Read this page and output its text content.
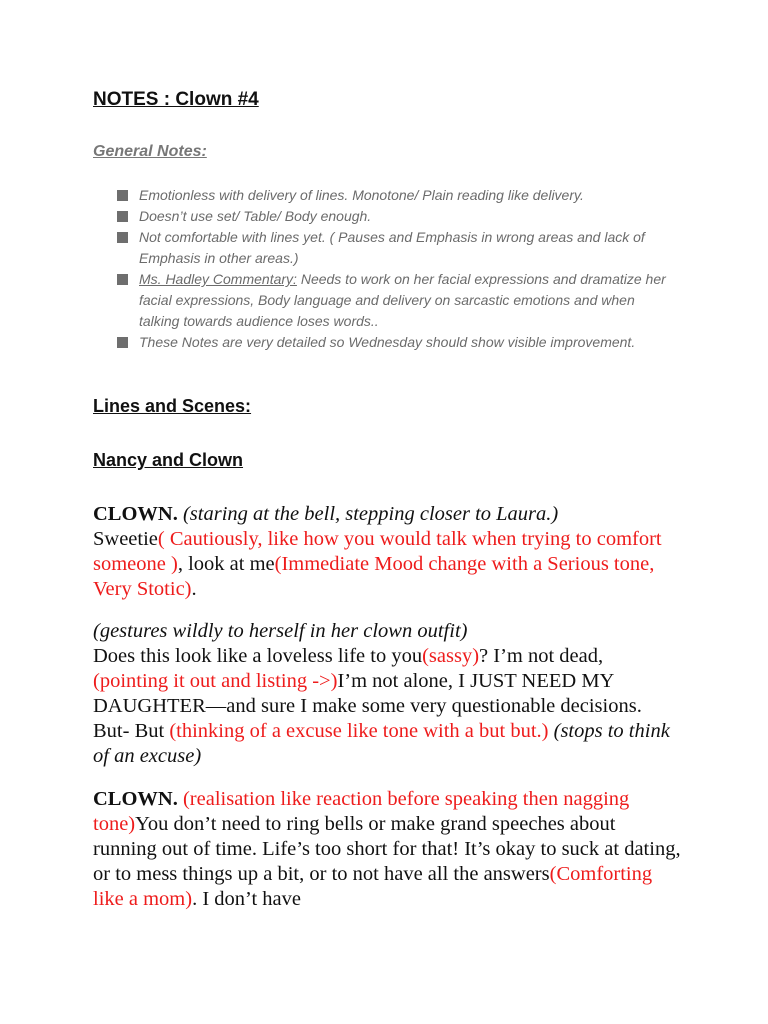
NOTES : Clown #4
General Notes:
Emotionless with delivery of lines. Monotone/ Plain reading like delivery.
Doesn’t use set/ Table/ Body enough.
Not comfortable with lines yet. ( Pauses and Emphasis in wrong areas and lack of Emphasis in other areas.)
Ms. Hadley Commentary: Needs to work on her facial expressions and dramatize her facial expressions, Body language and delivery on sarcastic emotions and when talking towards audience loses words..
These Notes are very detailed so Wednesday should show visible improvement.
Lines and Scenes:
Nancy and Clown

CLOWN. (staring at the bell, stepping closer to Laura.)
Sweetie( Cautiously, like how you would talk when trying to comfort someone ), look at me(Immediate Mood change with a Serious tone, Very Stotic).

(gestures wildly to herself in her clown outfit)
Does this look like a loveless life to you(sassy)? I’m not dead, (pointing it out and listing ->)I’m not alone, I JUST NEED MY DAUGHTER—and sure I make some very questionable decisions. But- But (thinking of a excuse like tone with a but but.) (stops to think of an excuse)

CLOWN. (realisation like reaction before speaking then nagging tone)You don’t need to ring bells or make grand speeches about running out of time. Life’s too short for that! It’s okay to suck at dating, or to mess things up a bit, or to not have all the answers(Comforting like a mom). I don’t have
